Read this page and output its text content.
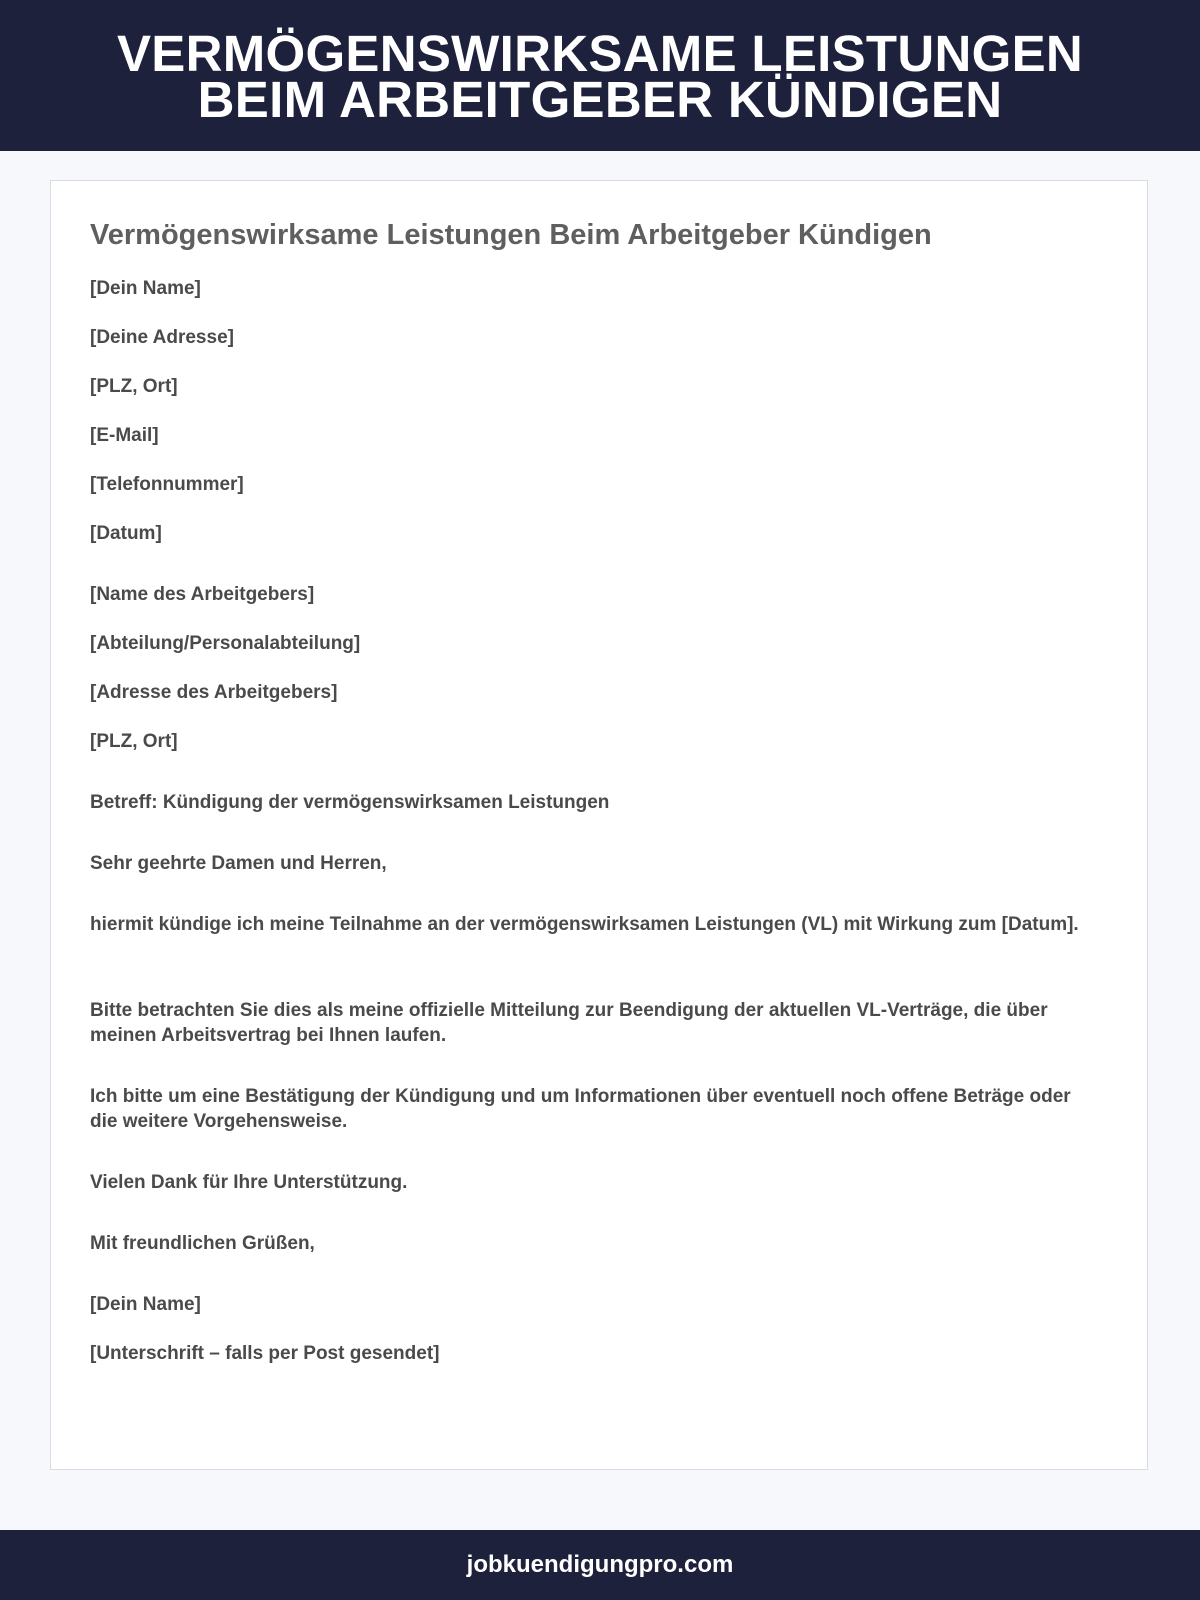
VERMÖGENSWIRKSAME LEISTUNGEN
BEIM ARBEITGEBER KÜNDIGEN
Vermögenswirksame Leistungen Beim Arbeitgeber Kündigen

[Dein Name]

[Deine Adresse]

[PLZ, Ort]

[E-Mail]

[Telefonnummer]

[Datum]

[Name des Arbeitgebers]

[Abteilung/Personalabteilung]

[Adresse des Arbeitgebers]

[PLZ, Ort]

Betreff: Kündigung der vermögenswirksamen Leistungen

Sehr geehrte Damen und Herren,

hiermit kündige ich meine Teilnahme an der vermögenswirksamen Leistungen (VL) mit Wirkung zum [Datum].

Bitte betrachten Sie dies als meine offizielle Mitteilung zur Beendigung der aktuellen VL-Verträge, die über meinen Arbeitsvertrag bei Ihnen laufen.

Ich bitte um eine Bestätigung der Kündigung und um Informationen über eventuell noch offene Beträge oder die weitere Vorgehensweise.

Vielen Dank für Ihre Unterstützung.

Mit freundlichen Grüßen,

[Dein Name]

[Unterschrift – falls per Post gesendet]

jobkuendigungpro.com
